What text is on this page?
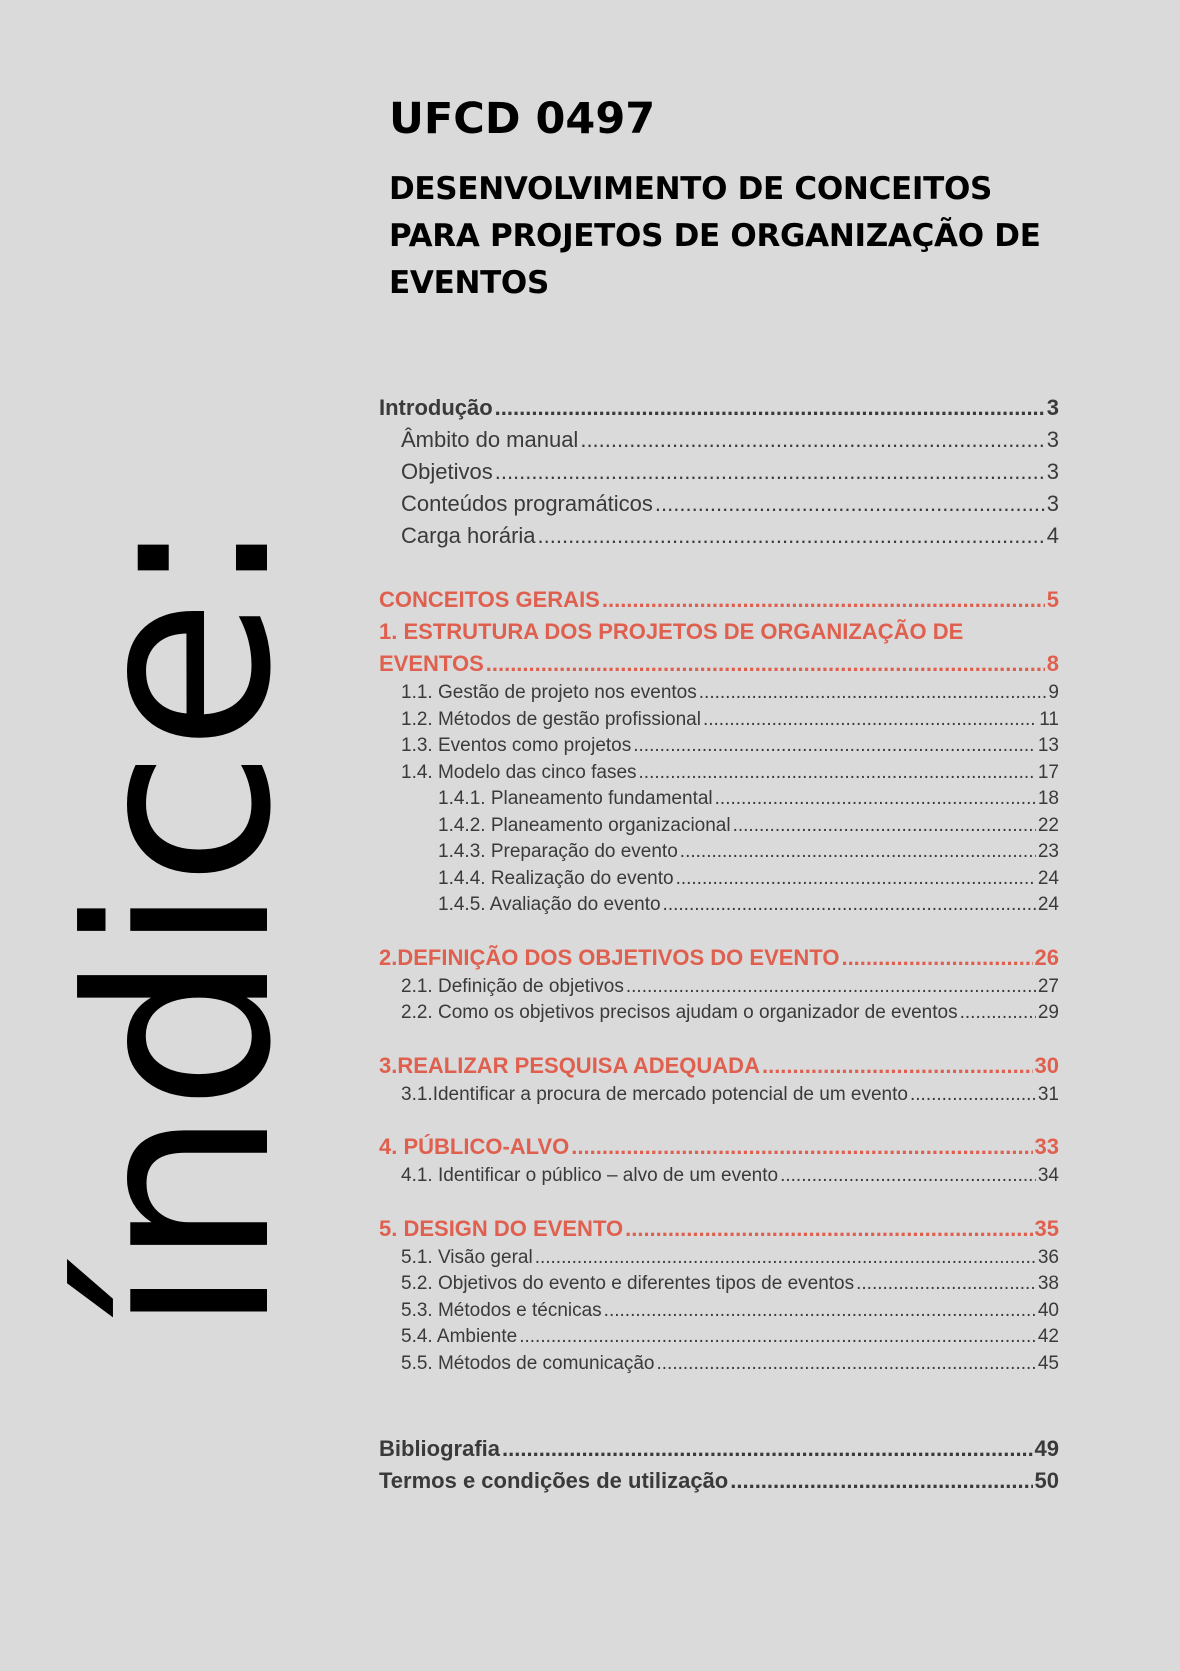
índice:
UFCD 0497
DESENVOLVIMENTO DE CONCEITOS PARA PROJETOS DE ORGANIZAÇÃO DE EVENTOS
Introdução .....	3
Âmbito do manual .....	3
Objetivos .....	3
Conteúdos programáticos .....	3
Carga horária .....	4
CONCEITOS GERAIS .....	5
1. ESTRUTURA DOS PROJETOS DE ORGANIZAÇÃO DE
EVENTOS .....	8
1.1. Gestão de projeto nos eventos .....	9
1.2. Métodos de gestão profissional .....	11
1.3. Eventos como projetos .....	13
1.4. Modelo das cinco fases .....	17
1.4.1. Planeamento fundamental .....	18
1.4.2. Planeamento organizacional .....	22
1.4.3. Preparação do evento .....	23
1.4.4. Realização do evento .....	24
1.4.5. Avaliação do evento .....	24
2.DEFINIÇÃO DOS OBJETIVOS DO EVENTO .....	26
2.1. Definição de objetivos .....	27
2.2. Como os objetivos precisos ajudam o organizador de eventos .....	29
3.REALIZAR PESQUISA ADEQUADA .....	30
3.1.Identificar a procura de mercado potencial de um evento .....	31
4. PÚBLICO-ALVO .....	33
4.1. Identificar o público – alvo de um evento .....	34
5. DESIGN DO EVENTO .....	35
5.1. Visão geral .....	36
5.2. Objetivos do evento e diferentes tipos de eventos .....	38
5.3. Métodos e técnicas .....	40
5.4. Ambiente .....	42
5.5. Métodos de comunicação .....	45
Bibliografia .....	49
Termos e condições de utilização .....	50
